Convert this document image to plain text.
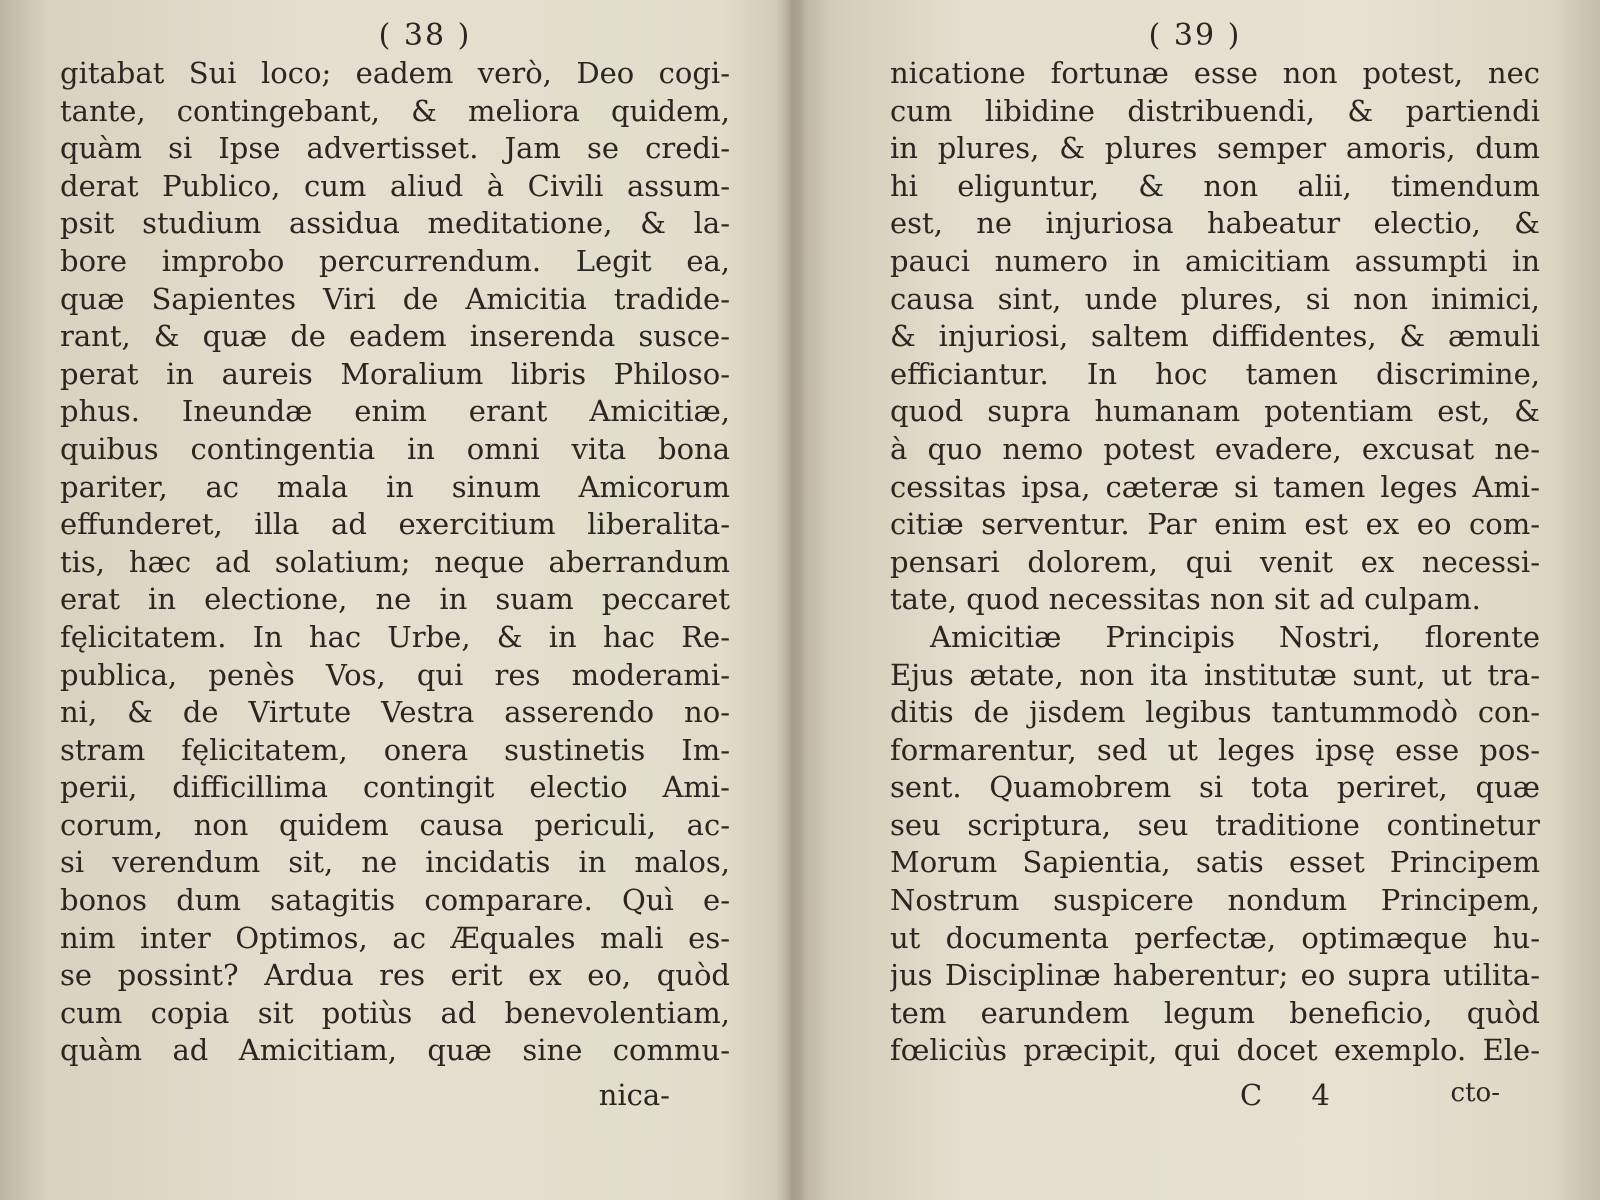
( 38 )
gitabat Sui loco; eadem verò, Deo cogi-
tante, contingebant, & meliora quidem,
quàm si Ipse advertisset. Jam se credi-
derat Publico, cum aliud à Civili assum-
psit studium assidua meditatione, & la-
bore improbo percurrendum. Legit ea,
quæ Sapientes Viri de Amicitia tradide-
rant, & quæ de eadem inserenda susce-
perat in aureis Moralium libris Philoso-
phus. Ineundæ enim erant Amicitiæ,
quibus contingentia in omni vita bona
pariter, ac mala in sinum Amicorum
effunderet, illa ad exercitium liberalita-
tis, hæc ad solatium; neque aberrandum
erat in electione, ne in suam peccaret
fęlicitatem. In hac Urbe, & in hac Re-
publica, penès Vos, qui res moderami-
ni, & de Virtute Vestra asserendo no-
stram fęlicitatem, onera sustinetis Im-
perii, difficillima contingit electio Ami-
corum, non quidem causa periculi, ac-
si verendum sit, ne incidatis in malos,
bonos dum satagitis comparare. Quì e-
nim inter Optimos, ac Æquales mali es-
se possint? Ardua res erit ex eo, quòd
cum copia sit potiùs ad benevolentiam,
quàm ad Amicitiam, quæ sine commu-
nica-
( 39 )
nicatione fortunæ esse non potest, nec
cum libidine distribuendi, & partiendi
in plures, & plures semper amoris, dum
hi eliguntur, & non alii, timendum
est, ne injuriosa habeatur electio, &
pauci numero in amicitiam assumpti in
causa sint, unde plures, si non inimici,
& injuriosi, saltem diffidentes, & æmuli
efficiantur. In hoc tamen discrimine,
quod supra humanam potentiam est, &
à quo nemo potest evadere, excusat ne-
cessitas ipsa, cæteræ si tamen leges Ami-
citiæ serventur. Par enim est ex eo com-
pensari dolorem, qui venit ex necessi-
tate, quod necessitas non sit ad culpam.
Amicitiæ Principis Nostri, florente
Ejus ætate, non ita institutæ sunt, ut tra-
ditis de jisdem legibus tantummodò con-
formarentur, sed ut leges ipsę esse pos-
sent. Quamobrem si tota periret, quæ
seu scriptura, seu traditione continetur
Morum Sapientia, satis esset Principem
Nostrum suspicere nondum Principem,
ut documenta perfectæ, optimæque hu-
jus Disciplinæ haberentur; eo supra utilita-
tem earundem legum beneficio, quòd
fœliciùs præcipit, qui docet exemplo. Ele-
C 4	cto-
